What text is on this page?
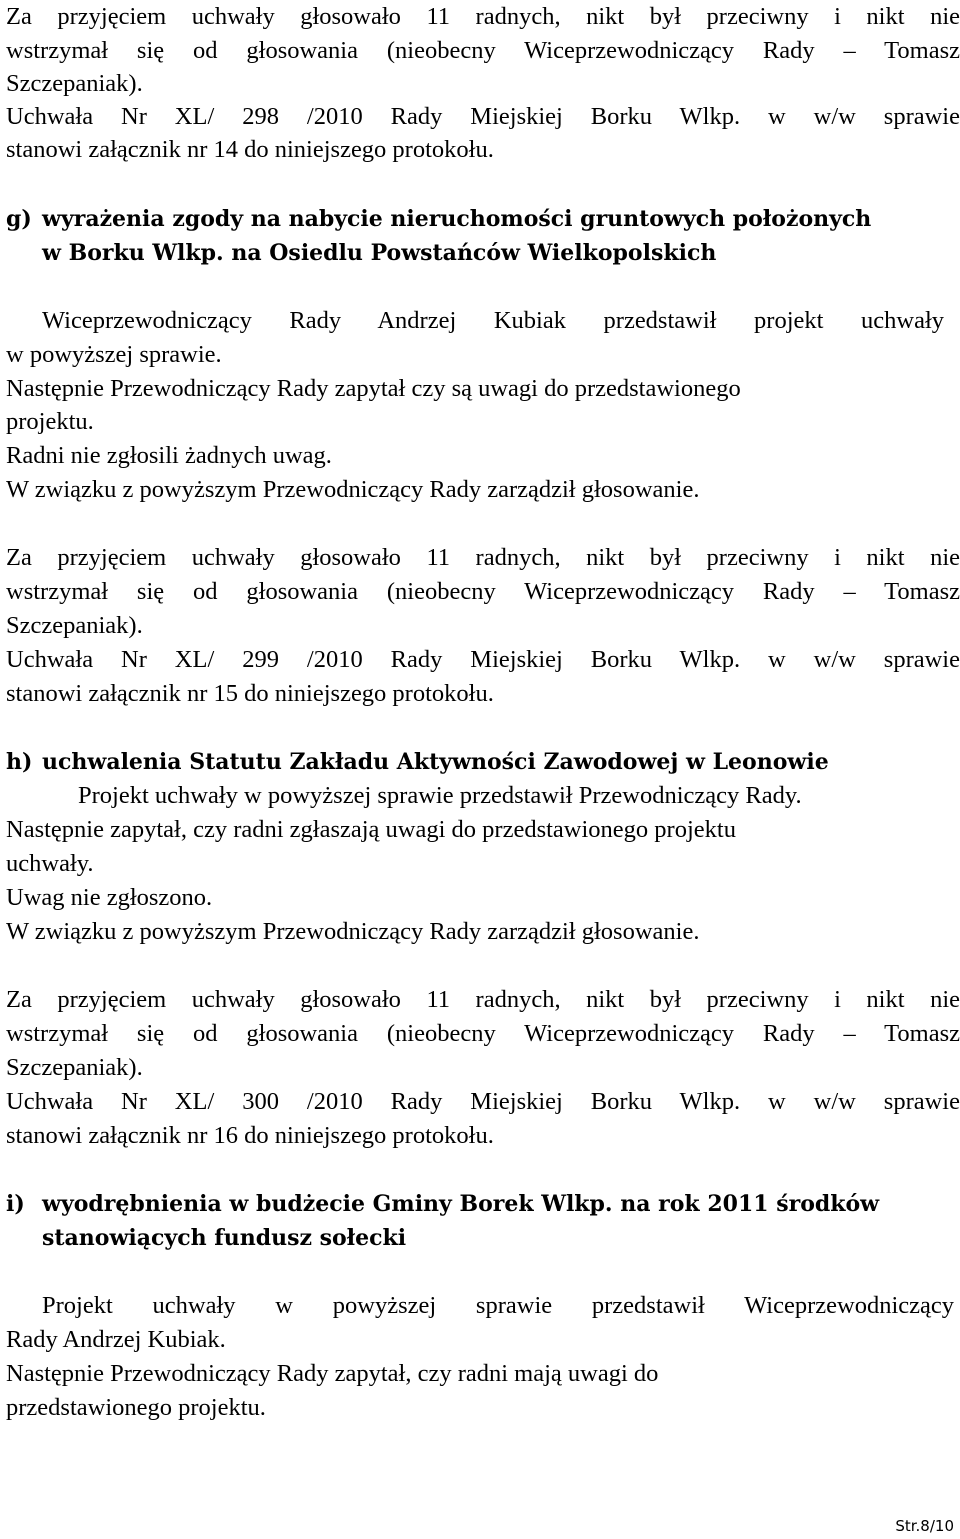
Za przyjęciem uchwały głosowało 11 radnych, nikt był przeciwny i nikt nie
wstrzymał się od głosowania (nieobecny Wiceprzewodniczący Rady – Tomasz
Szczepaniak).
Uchwała Nr XL/ 298 /2010 Rady Miejskiej Borku Wlkp. w w/w sprawie
stanowi załącznik nr 14 do niniejszego protokołu.
g) wyrażenia zgody na nabycie nieruchomości gruntowych położonych
w Borku Wlkp. na Osiedlu Powstańców Wielkopolskich
Wiceprzewodniczący Rady Andrzej Kubiak przedstawił projekt uchwały
w powyższej sprawie.
Następnie Przewodniczący Rady zapytał czy są uwagi do przedstawionego
projektu.
Radni nie zgłosili żadnych uwag.
W związku z powyższym Przewodniczący Rady zarządził głosowanie.
Za przyjęciem uchwały głosowało 11 radnych, nikt był przeciwny i nikt nie
wstrzymał się od głosowania (nieobecny Wiceprzewodniczący Rady – Tomasz
Szczepaniak).
Uchwała Nr XL/ 299 /2010 Rady Miejskiej Borku Wlkp. w w/w sprawie
stanowi załącznik nr 15 do niniejszego protokołu.
h) uchwalenia Statutu Zakładu Aktywności Zawodowej w Leonowie
Projekt uchwały w powyższej sprawie przedstawił Przewodniczący Rady.
Następnie zapytał, czy radni zgłaszają uwagi do przedstawionego projektu
uchwały.
Uwag nie zgłoszono.
W związku z powyższym Przewodniczący Rady zarządził głosowanie.
Za przyjęciem uchwały głosowało 11 radnych, nikt był przeciwny i nikt nie
wstrzymał się od głosowania (nieobecny Wiceprzewodniczący Rady – Tomasz
Szczepaniak).
Uchwała Nr XL/ 300 /2010 Rady Miejskiej Borku Wlkp. w w/w sprawie
stanowi załącznik nr 16 do niniejszego protokołu.
i) wyodrębnienia w budżecie Gminy Borek Wlkp. na rok 2011 środków
stanowiących fundusz sołecki
Projekt uchwały w powyższej sprawie przedstawił Wiceprzewodniczący
Rady Andrzej Kubiak.
Następnie Przewodniczący Rady zapytał, czy radni mają uwagi do
przedstawionego projektu.
Str.8/10
